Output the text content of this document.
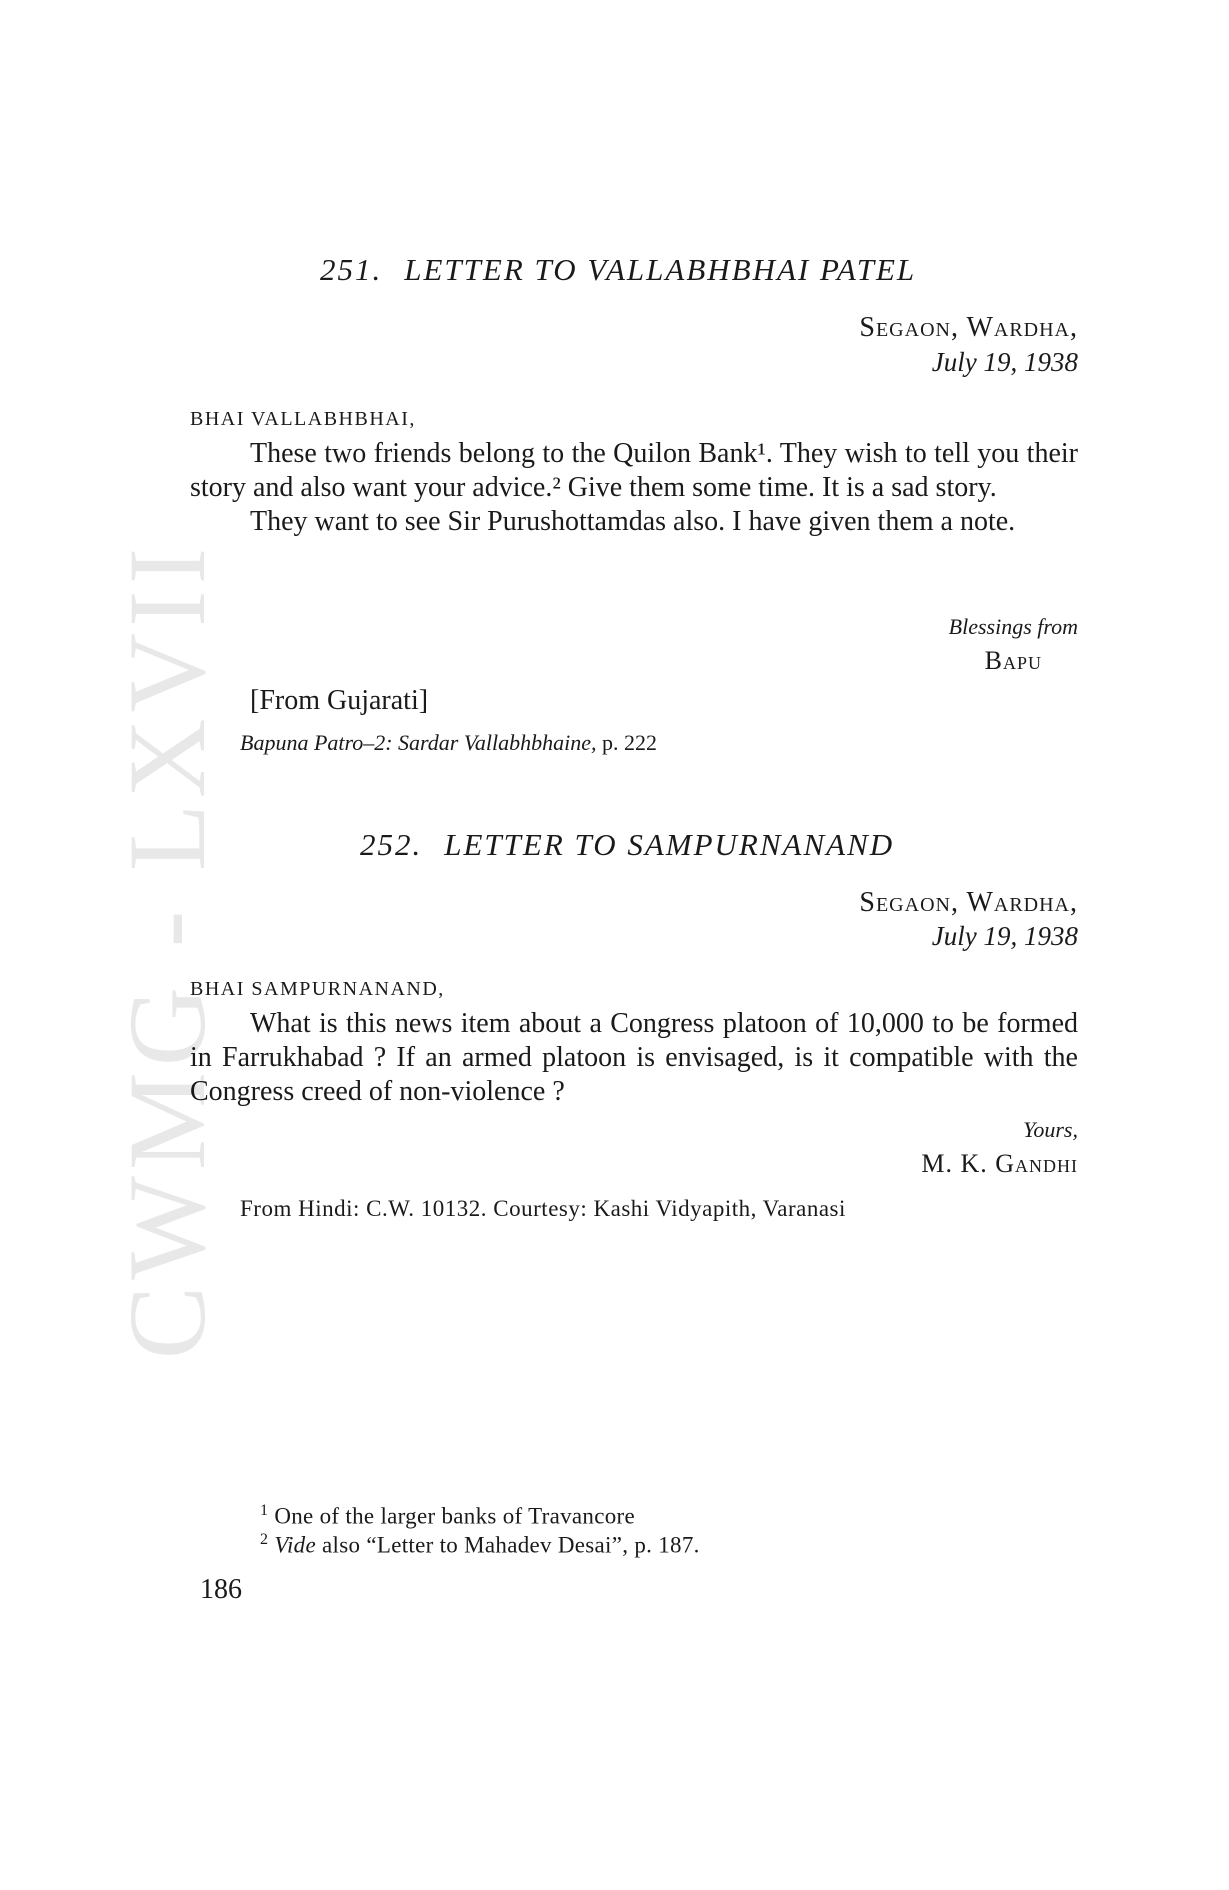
CWMG - LXVII
251. LETTER TO VALLABHBHAI PATEL
Segaon, Wardha,
July 19, 1938
BHAI VALLABHBHAI,

These two friends belong to the Quilon Bank¹. They wish to tell you their story and also want your advice.² Give them some time. It is a sad story.

They want to see Sir Purushottamdas also. I have given them a note.

Blessings from
Bapu
[From Gujarati]
Bapuna Patro–2: Sardar Vallabhbhaine, p. 222
252. LETTER TO SAMPURNANAND
Segaon, Wardha,
July 19, 1938
BHAI SAMPURNANAND,

What is this news item about a Congress platoon of 10,000 to be formed in Farrukhabad ? If an armed platoon is envisaged, is it compatible with the Congress creed of non-violence ?

Yours,
M. K. Gandhi
From Hindi: C.W. 10132. Courtesy: Kashi Vidyapith, Varanasi
$^1$ One of the larger banks of Travancore
$^2$ Vide also “Letter to Mahadev Desai”, p. 187.
186
